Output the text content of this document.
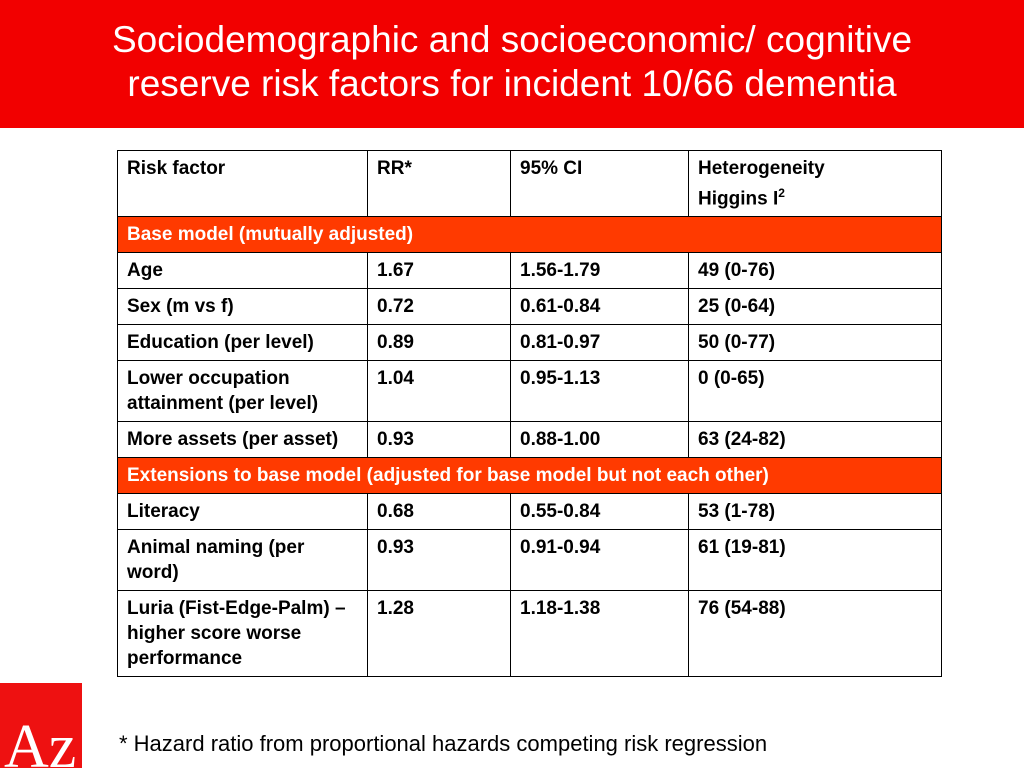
Sociodemographic and socioeconomic/ cognitive
reserve risk factors for incident 10/66 dementia
Risk factor	RR*	95% CI	Heterogeneity
Higgins $I^2$
Base model (mutually adjusted)			
Age	1.67	1.56-1.79	49 (0-76)
Sex (m vs f)	0.72	0.61-0.84	25 (0-64)
Education (per level)	0.89	0.81-0.97	50 (0-77)
Lower occupation attainment (per level)	1.04	0.95-1.13	0 (0-65)
More assets (per asset)	0.93	0.88-1.00	63 (24-82)
Extensions to base model (adjusted for base model but not each other)			
Literacy	0.68	0.55-0.84	53 (1-78)
Animal naming (per word)	0.93	0.91-0.94	61 (19-81)
Luria (Fist-Edge-Palm) – higher score worse performance	1.28	1.18-1.38	76 (54-88)
* Hazard ratio from proportional hazards competing risk regression
Az
